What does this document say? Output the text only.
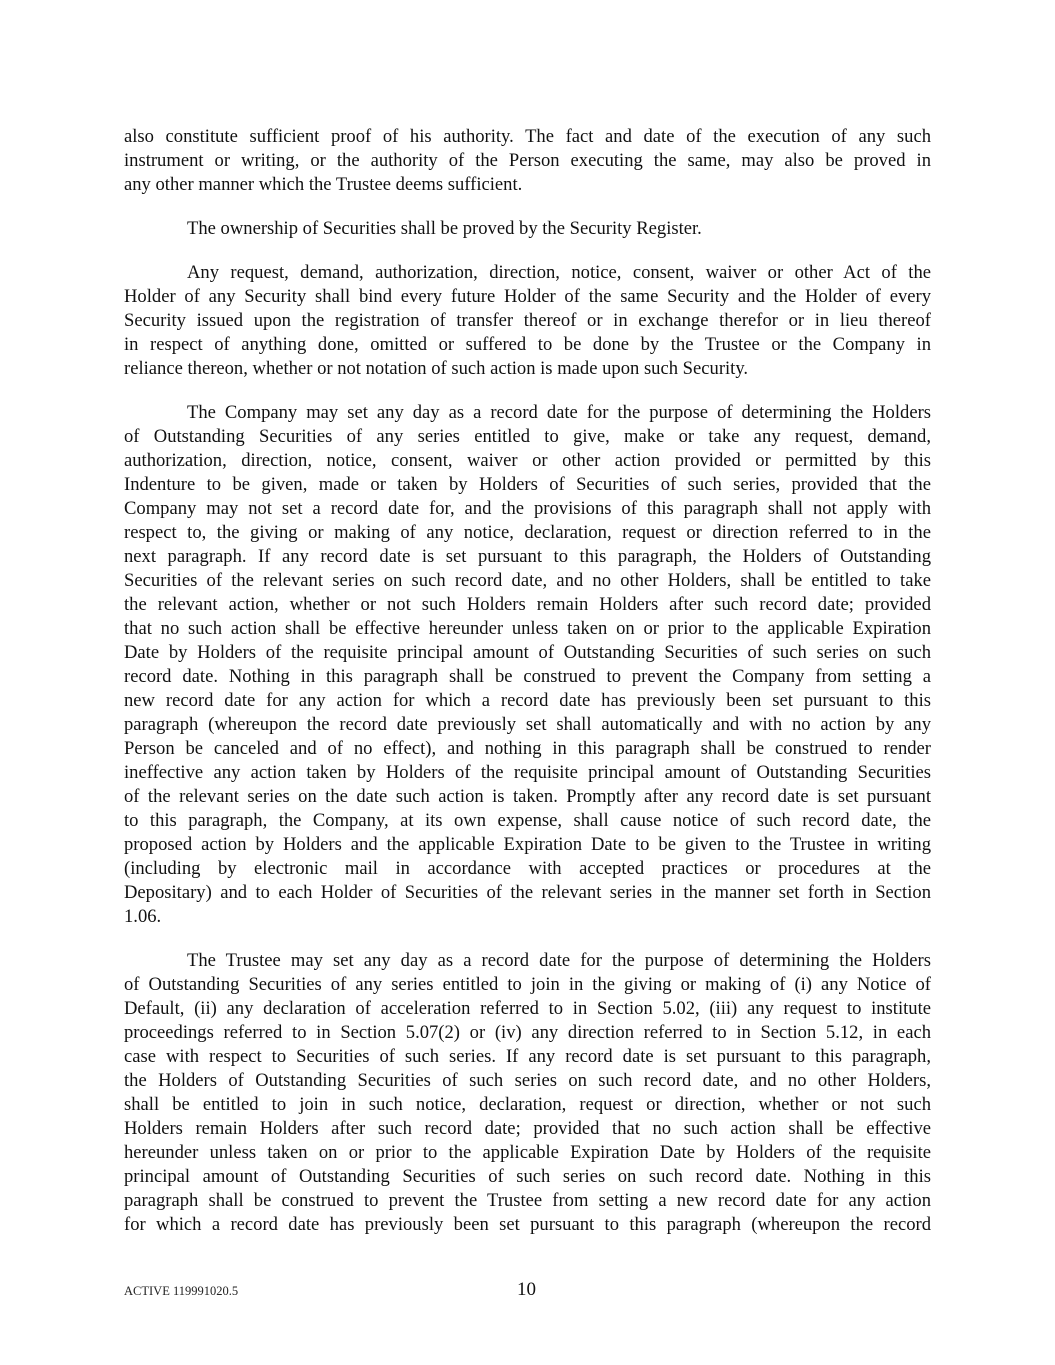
also constitute sufficient proof of his authority. The fact and date of the execution of any such
instrument or writing, or the authority of the Person executing the same, may also be proved in
any other manner which the Trustee deems sufficient.
The ownership of Securities shall be proved by the Security Register.
Any request, demand, authorization, direction, notice, consent, waiver or other Act of the
Holder of any Security shall bind every future Holder of the same Security and the Holder of every
Security issued upon the registration of transfer thereof or in exchange therefor or in lieu thereof
in respect of anything done, omitted or suffered to be done by the Trustee or the Company in
reliance thereon, whether or not notation of such action is made upon such Security.
The Company may set any day as a record date for the purpose of determining the Holders
of Outstanding Securities of any series entitled to give, make or take any request, demand,
authorization, direction, notice, consent, waiver or other action provided or permitted by this
Indenture to be given, made or taken by Holders of Securities of such series, provided that the
Company may not set a record date for, and the provisions of this paragraph shall not apply with
respect to, the giving or making of any notice, declaration, request or direction referred to in the
next paragraph. If any record date is set pursuant to this paragraph, the Holders of Outstanding
Securities of the relevant series on such record date, and no other Holders, shall be entitled to take
the relevant action, whether or not such Holders remain Holders after such record date; provided
that no such action shall be effective hereunder unless taken on or prior to the applicable Expiration
Date by Holders of the requisite principal amount of Outstanding Securities of such series on such
record date. Nothing in this paragraph shall be construed to prevent the Company from setting a
new record date for any action for which a record date has previously been set pursuant to this
paragraph (whereupon the record date previously set shall automatically and with no action by any
Person be canceled and of no effect), and nothing in this paragraph shall be construed to render
ineffective any action taken by Holders of the requisite principal amount of Outstanding Securities
of the relevant series on the date such action is taken. Promptly after any record date is set pursuant
to this paragraph, the Company, at its own expense, shall cause notice of such record date, the
proposed action by Holders and the applicable Expiration Date to be given to the Trustee in writing
(including by electronic mail in accordance with accepted practices or procedures at the
Depositary) and to each Holder of Securities of the relevant series in the manner set forth in Section
1.06.
The Trustee may set any day as a record date for the purpose of determining the Holders
of Outstanding Securities of any series entitled to join in the giving or making of (i) any Notice of
Default, (ii) any declaration of acceleration referred to in Section 5.02, (iii) any request to institute
proceedings referred to in Section 5.07(2) or (iv) any direction referred to in Section 5.12, in each
case with respect to Securities of such series. If any record date is set pursuant to this paragraph,
the Holders of Outstanding Securities of such series on such record date, and no other Holders,
shall be entitled to join in such notice, declaration, request or direction, whether or not such
Holders remain Holders after such record date; provided that no such action shall be effective
hereunder unless taken on or prior to the applicable Expiration Date by Holders of the requisite
principal amount of Outstanding Securities of such series on such record date. Nothing in this
paragraph shall be construed to prevent the Trustee from setting a new record date for any action
for which a record date has previously been set pursuant to this paragraph (whereupon the record
ACTIVE 119991020.5	10
